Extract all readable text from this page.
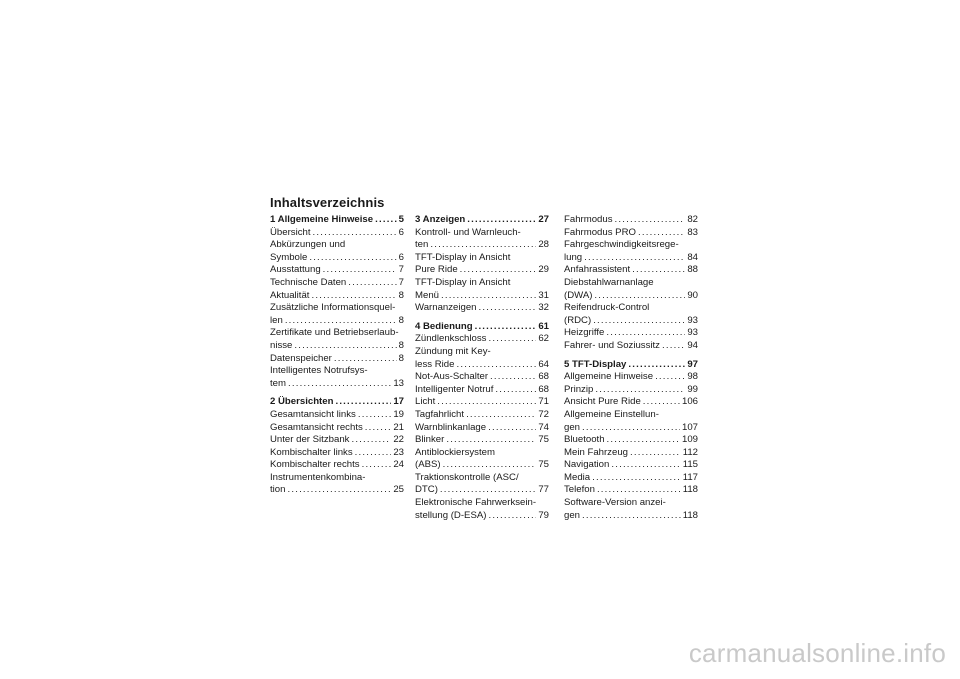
Inhaltsverzeichnis
1 Allgemeine Hinweise .....	5
Übersicht .....	6
Abkürzungen und
Symbole .....	6
Ausstattung .....	7
Technische Daten .....	7
Aktualität .....	8
Zusätzliche Informationsquel-
len .....	8
Zertifikate und Betriebserlaub-
nisse .....	8
Datenspeicher .....	8
Intelligentes Notrufsys-
tem .....	13
2 Übersichten .....	17
Gesamtansicht links .....	19
Gesamtansicht rechts .....	21
Unter der Sitzbank .....	22
Kombischalter links .....	23
Kombischalter rechts .....	24
Instrumentenkombina-
tion .....	25
3 Anzeigen .....	27
Kontroll- und Warnleuch-
ten .....	28
TFT-Display in Ansicht
Pure Ride .....	29
TFT-Display in Ansicht
Menü .....	31
Warnanzeigen .....	32
4 Bedienung .....	61
Zündlenkschloss .....	62
Zündung mit Key-
less Ride .....	64
Not-Aus-Schalter .....	68
Intelligenter Notruf .....	68
Licht .....	71
Tagfahrlicht .....	72
Warnblinkanlage .....	74
Blinker .....	75
Antiblockiersystem
(ABS) .....	75
Traktionskontrolle (ASC/
DTC) .....	77
Elektronische Fahrwerksein-
stellung (D-ESA) .....	79
Fahrmodus .....	82
Fahrmodus PRO .....	83
Fahrgeschwindigkeitsrege-
lung .....	84
Anfahrassistent .....	88
Diebstahlwarnanlage
(DWA) .....	90
Reifendruck-Control
(RDC) .....	93
Heizgriffe .....	93
Fahrer- und Soziussitz .....	94
5 TFT-Display .....	97
Allgemeine Hinweise .....	98
Prinzip .....	99
Ansicht Pure Ride .....	106
Allgemeine Einstellun-
gen .....	107
Bluetooth .....	109
Mein Fahrzeug .....	112
Navigation .....	115
Media .....	117
Telefon .....	118
Software-Version anzei-
gen .....	118
carmanualsonline.info
